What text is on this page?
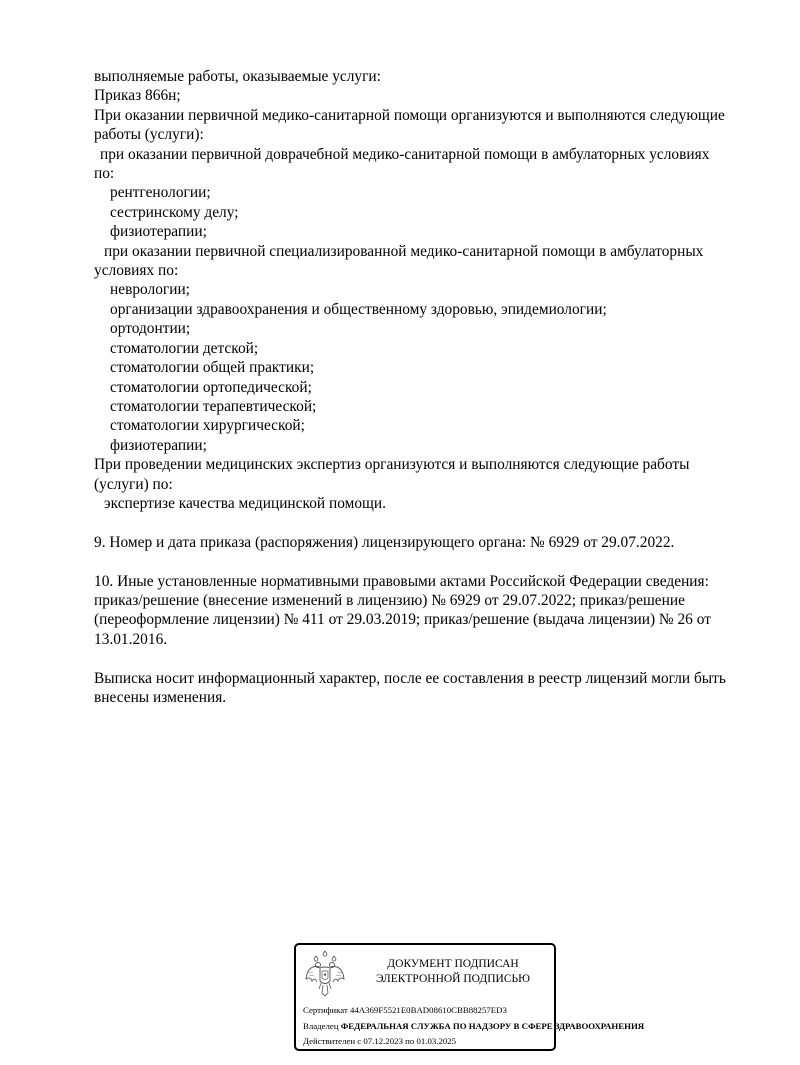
выполняемые работы, оказываемые услуги:
Приказ 866н;
При оказании первичной медико-санитарной помощи организуются и выполняются следующие
работы (услуги):
при оказании первичной доврачебной медико-санитарной помощи в амбулаторных условиях
по:
рентгенологии;
сестринскому делу;
физиотерапии;
при оказании первичной специализированной медико-санитарной помощи в амбулаторных
условиях по:
неврологии;
организации здравоохранения и общественному здоровью, эпидемиологии;
ортодонтии;
стоматологии детской;
стоматологии общей практики;
стоматологии ортопедической;
стоматологии терапевтической;
стоматологии хирургической;
физиотерапии;
При проведении медицинских экспертиз организуются и выполняются следующие работы
(услуги) по:
экспертизе качества медицинской помощи.
9. Номер и дата приказа (распоряжения) лицензирующего органа: № 6929 от 29.07.2022.
10. Иные установленные нормативными правовыми актами Российской Федерации сведения:
приказ/решение (внесение изменений в лицензию) № 6929 от 29.07.2022; приказ/решение
(переоформление лицензии) № 411 от 29.03.2019; приказ/решение (выдача лицензии) № 26 от
13.01.2016.
Выписка носит информационный характер, после ее составления в реестр лицензий могли быть
внесены изменения.
ДОКУМЕНТ ПОДПИСАН
ЭЛЕКТРОННОЙ ПОДПИСЬЮ
Сертификат 44A369F5521E0BAD08610CBB88257ED3
Владелец ФЕДЕРАЛЬНАЯ СЛУЖБА ПО НАДЗОРУ В СФЕРЕ ЗДРАВООХРАНЕНИЯ
Действителен с 07.12.2023 по 01.03.2025
